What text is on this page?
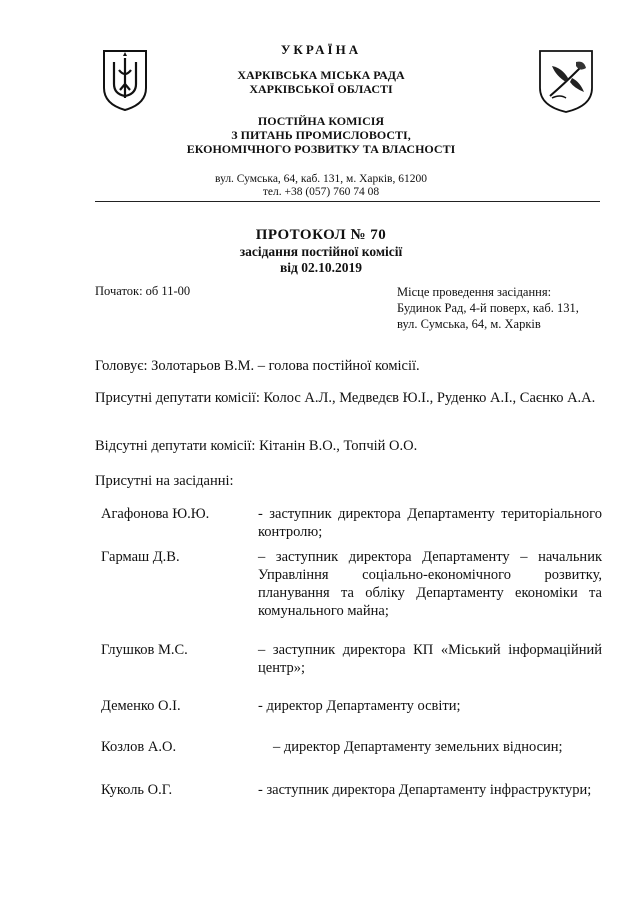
УКРАЇНА
ХАРКІВСЬКА МІСЬКА РАДА
ХАРКІВСЬКОЇ ОБЛАСТІ
ПОСТІЙНА КОМІСІЯ
З ПИТАНЬ ПРОМИСЛОВОСТІ,
ЕКОНОМІЧНОГО РОЗВИТКУ ТА ВЛАСНОСТІ
вул. Сумська, 64, каб. 131, м. Харків, 61200
тел. +38 (057) 760 74 08
ПРОТОКОЛ № 70
засідання постійної комісії
від 02.10.2019
Початок: об 11-00	Місце проведення засідання:
Будинок Рад, 4-й поверх, каб. 131,
вул. Сумська, 64, м. Харків
Головує: Золотарьов В.М. – голова постійної комісії.
Присутні депутати комісії: Колос А.Л., Медведєв Ю.І., Руденко А.І., Саєнко А.А.
Відсутні депутати комісії: Кітанін В.О., Топчій О.О.
Присутні на засіданні:
Агафонова Ю.Ю.	- заступник директора Департаменту територіального контролю;
Гармаш Д.В.	– заступник директора Департаменту – начальник Управління соціально-економічного розвитку, планування та обліку Департаменту економіки та комунального майна;
Глушков М.С.	– заступник директора КП «Міський інформаційний центр»;
Деменко О.І.	- директор Департаменту освіти;
Козлов А.О.	– директор Департаменту земельних відносин;
Куколь О.Г.	- заступник директора Департаменту інфраструктури;
